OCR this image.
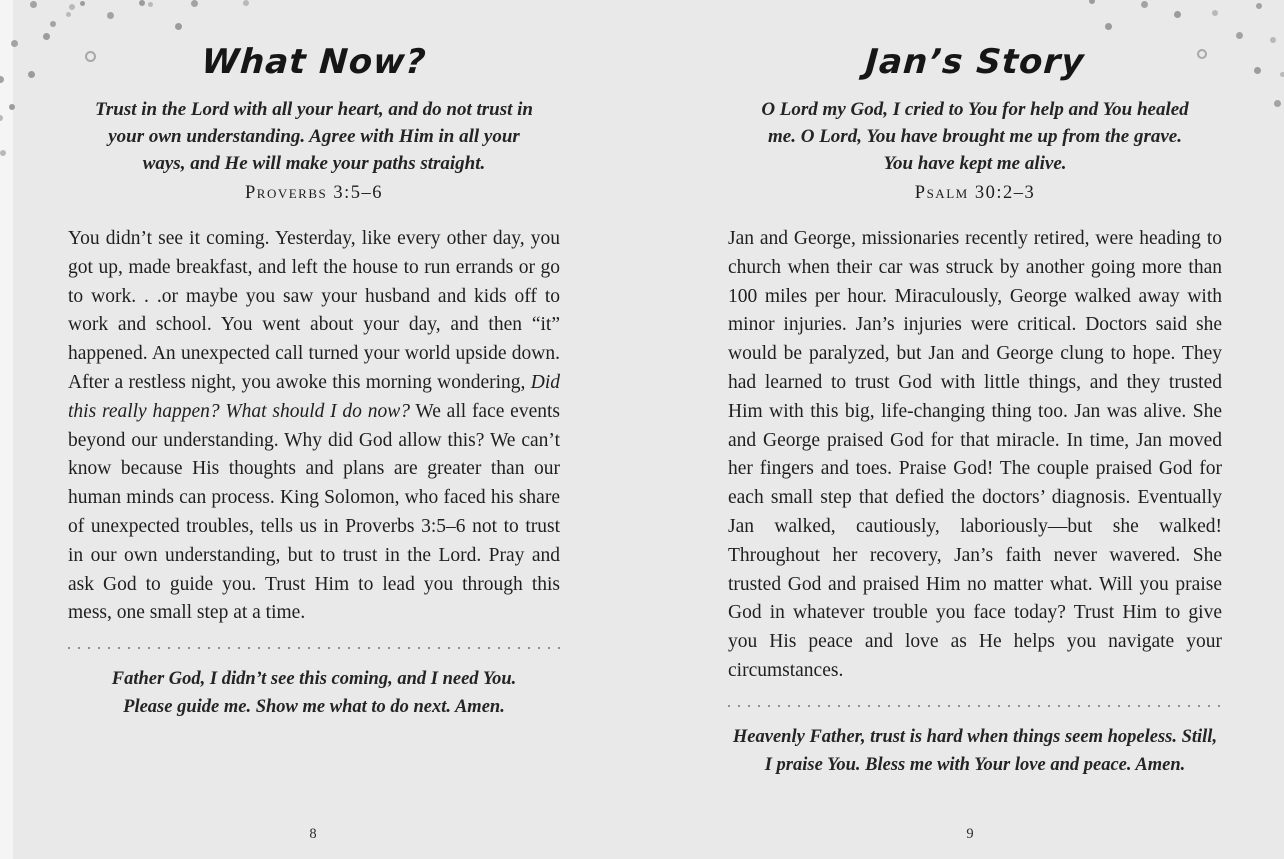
What Now?
Trust in the Lord with all your heart, and do not trust in your own understanding. Agree with Him in all your ways, and He will make your paths straight.
Proverbs 3:5–6
You didn’t see it coming. Yesterday, like every other day, you got up, made breakfast, and left the house to run errands or go to work. . .or maybe you saw your husband and kids off to work and school. You went about your day, and then “it” happened. An unexpected call turned your world upside down. After a restless night, you awoke this morning wondering, Did this really happen? What should I do now? We all face events beyond our understanding. Why did God allow this? We can’t know because His thoughts and plans are greater than our human minds can process. King Solomon, who faced his share of unexpected troubles, tells us in Proverbs 3:5–6 not to trust in our own understanding, but to trust in the Lord. Pray and ask God to guide you. Trust Him to lead you through this mess, one small step at a time.
Father God, I didn’t see this coming, and I need You. Please guide me. Show me what to do next. Amen.
Jan’s Story
O Lord my God, I cried to You for help and You healed me. O Lord, You have brought me up from the grave. You have kept me alive.
Psalm 30:2–3
Jan and George, missionaries recently retired, were heading to church when their car was struck by another going more than 100 miles per hour. Miraculously, George walked away with minor injuries. Jan’s injuries were critical. Doctors said she would be paralyzed, but Jan and George clung to hope. They had learned to trust God with little things, and they trusted Him with this big, life-changing thing too. Jan was alive. She and George praised God for that miracle. In time, Jan moved her fingers and toes. Praise God! The couple praised God for each small step that defied the doctors’ diagnosis. Eventually Jan walked, cautiously, laboriously—but she walked! Throughout her recovery, Jan’s faith never wavered. She trusted God and praised Him no matter what. Will you praise God in whatever trouble you face today? Trust Him to give you His peace and love as He helps you navigate your circumstances.
Heavenly Father, trust is hard when things seem hopeless. Still, I praise You. Bless me with Your love and peace. Amen.
8	9
